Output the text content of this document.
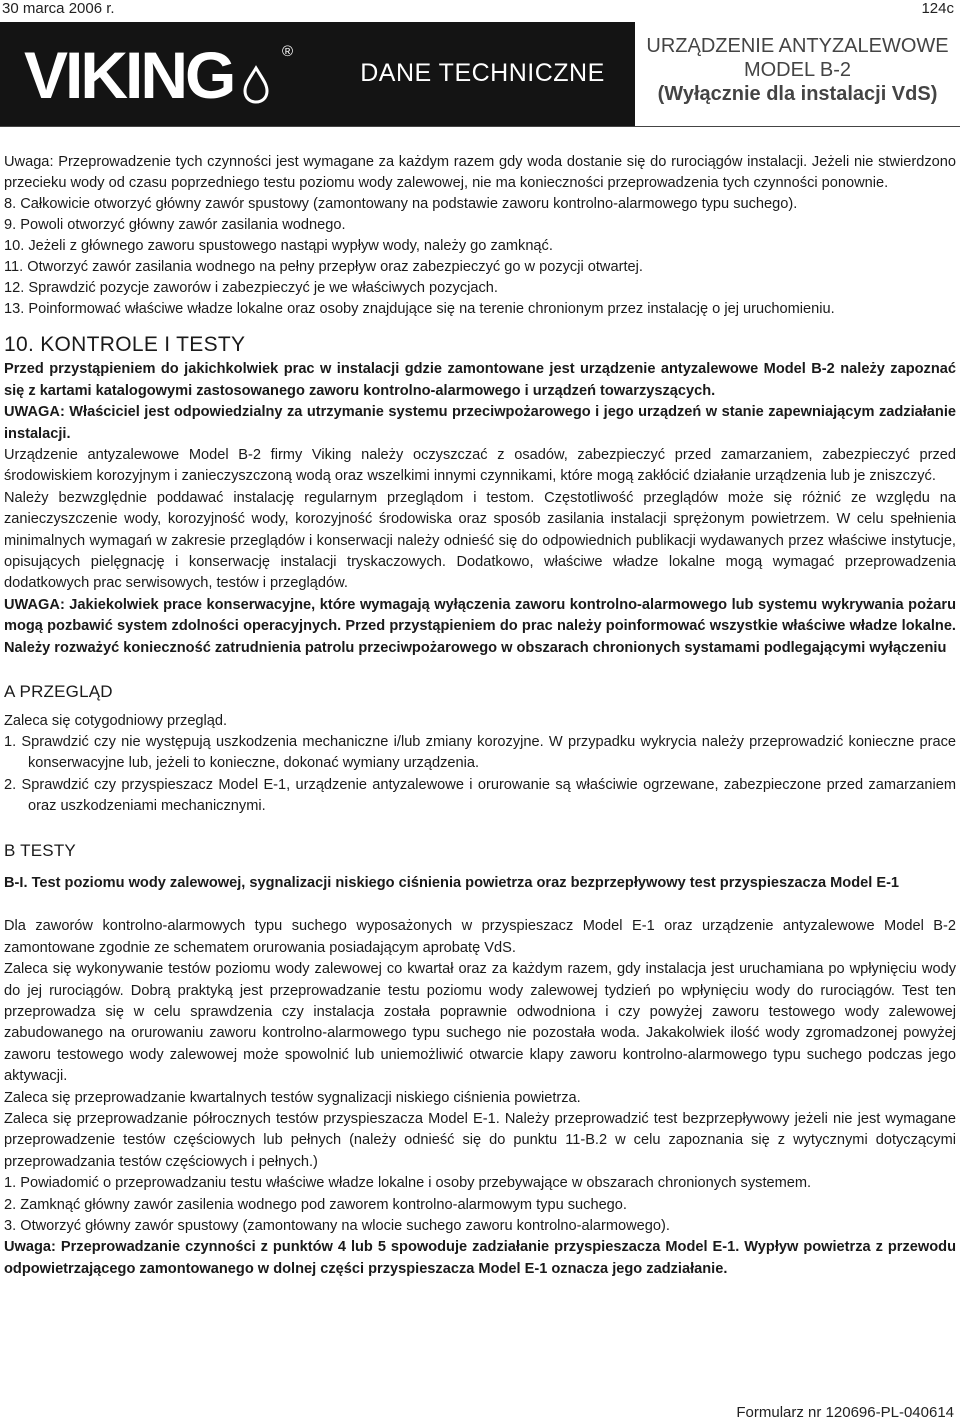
30 marca 2006 r.	124c
VIKING	®
DANE TECHNICZNE
URZĄDZENIE ANTYZALEWOWE
MODEL B-2
(Wyłącznie dla instalacji VdS)

Uwaga: Przeprowadzenie tych czynności jest wymagane za każdym razem gdy woda dostanie się do rurociągów instalacji. Jeżeli nie stwierdzono przecieku wody od czasu poprzedniego testu poziomu wody zalewowej, nie ma konieczności przeprowadzenia tych czynności ponownie.

8. Całkowicie otworzyć główny zawór spustowy (zamontowany na podstawie zaworu kontrolno-alarmowego typu suchego).

9. Powoli otworzyć główny zawór zasilania wodnego.

10. Jeżeli z głównego zaworu spustowego nastąpi wypływ wody, należy go zamknąć.

11. Otworzyć zawór zasilania wodnego na pełny przepływ oraz zabezpieczyć go w pozycji otwartej.

12. Sprawdzić pozycje zaworów i zabezpieczyć je we właściwych pozycjach.

13. Poinformować właściwe władze lokalne oraz osoby znajdujące się na terenie chronionym przez instalację o jej uruchomieniu.

10. KONTROLE I TESTY

Przed przystąpieniem do jakichkolwiek prac w instalacji gdzie zamontowane jest urządzenie antyzalewowe Model B-2 należy zapoznać się z kartami katalogowymi zastosowanego zaworu kontrolno-alarmowego i urządzeń towarzyszących.

UWAGA: Właściciel jest odpowiedzialny za utrzymanie systemu przeciwpożarowego i jego urządzeń w stanie zapewniającym zadziałanie instalacji.

Urządzenie antyzalewowe Model B-2 firmy Viking należy oczyszczać z osadów, zabezpieczyć przed zamarzaniem, zabezpieczyć przed środowiskiem korozyjnym i zanieczyszczoną wodą oraz wszelkimi innymi czynnikami, które mogą zakłócić działanie urządzenia lub je zniszczyć.

Należy bezwzględnie poddawać instalację regularnym przeglądom i testom. Częstotliwość przeglądów może się różnić ze względu na zanieczyszczenie wody, korozyjność wody, korozyjność środowiska oraz sposób zasilania instalacji sprężonym powietrzem. W celu spełnienia minimalnych wymagań w zakresie przeglądów i konserwacji należy odnieść się do odpowiednich publikacji wydawanych przez właściwe instytucje, opisujących pielęgnację i konserwację instalacji tryskaczowych. Dodatkowo, właściwe władze lokalne mogą wymagać przeprowadzenia dodatkowych prac serwisowych, testów i przeglądów.

UWAGA: Jakiekolwiek prace konserwacyjne, które wymagają wyłączenia zaworu kontrolno-alarmowego lub systemu wykrywania pożaru mogą pozbawić system zdolności operacyjnych. Przed przystąpieniem do prac należy poinformować wszystkie właściwe władze lokalne. Należy rozważyć konieczność zatrudnienia patrolu przeciwpożarowego w obszarach chronionych systamami podlegającymi wyłączeniu

A PRZEGLĄD

Zaleca się cotygodniowy przegląd.

1. Sprawdzić czy nie występują uszkodzenia mechaniczne i/lub zmiany korozyjne. W przypadku wykrycia należy przeprowadzić konieczne prace konserwacyjne lub, jeżeli to konieczne, dokonać wymiany urządzenia.

2. Sprawdzić czy przyspieszacz Model E-1, urządzenie antyzalewowe i orurowanie są właściwie ogrzewane, zabezpieczone przed zamarzaniem oraz uszkodzeniami mechanicznymi.

B TESTY

B-I. Test poziomu wody zalewowej, sygnalizacji niskiego ciśnienia powietrza oraz bezprzepływowy test przyspieszacza Model E-1

Dla zaworów kontrolno-alarmowych typu suchego wyposażonych w przyspieszacz Model E-1 oraz urządzenie antyzalewowe Model B-2 zamontowane zgodnie ze schematem orurowania posiadającym aprobatę VdS.

Zaleca się wykonywanie testów poziomu wody zalewowej co kwartał oraz za każdym razem, gdy instalacja jest uruchamiana po wpłynięciu wody do jej rurociągów. Dobrą praktyką jest przeprowadzanie testu poziomu wody zalewowej tydzień po wpłynięciu wody do rurociągów. Test ten przeprowadza się w celu sprawdzenia czy instalacja została poprawnie odwodniona i czy powyżej zaworu testowego wody zalewowej zabudowanego na orurowaniu zaworu kontrolno-alarmowego typu suchego nie pozostała woda. Jakakolwiek ilość wody zgromadzonej powyżej zaworu testowego wody zalewowej może spowolnić lub uniemożliwić otwarcie klapy zaworu kontrolno-alarmowego typu suchego podczas jego aktywacji.

Zaleca się przeprowadzanie kwartalnych testów sygnalizacji niskiego ciśnienia powietrza.

Zaleca się przeprowadzanie półrocznych testów przyspieszacza Model E-1. Należy przeprowadzić test bezprzepływowy jeżeli nie jest wymagane przeprowadzenie testów częściowych lub pełnych (należy odnieść się do punktu 11-B.2 w celu zapoznania się z wytycznymi dotyczącymi przeprowadzania testów częściowych i pełnych.)

1. Powiadomić o przeprowadzaniu testu właściwe władze lokalne i osoby przebywające w obszarach chronionych systemem.

2. Zamknąć główny zawór zasilenia wodnego pod zaworem kontrolno-alarmowym typu suchego.

3. Otworzyć główny zawór spustowy (zamontowany na wlocie suchego zaworu kontrolno-alarmowego).

Uwaga: Przeprowadzanie czynności z punktów 4 lub 5 spowoduje zadziałanie przyspieszacza Model E-1. Wypływ powietrza z przewodu odpowietrzającego zamontowanego w dolnej części przyspieszacza Model E-1 oznacza jego zadziałanie.

Formularz nr 120696-PL-040614
